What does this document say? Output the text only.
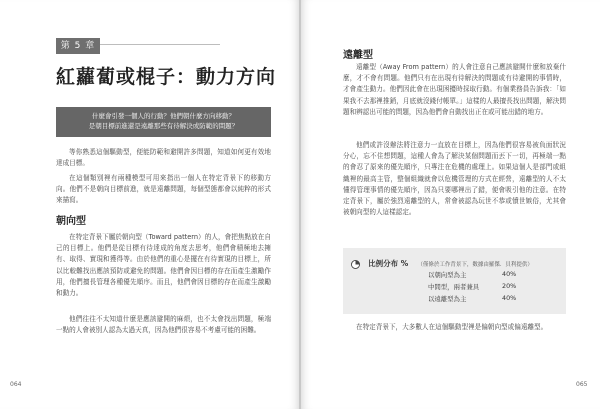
第 5 章
紅蘿蔔或棍子：動力方向
什麼會引發一個人的行動？他們朝什麼方向移動？
是朝目標前進還是遠離那些有待解決或防範的問題？

等你熟悉這個驅動型，便能防範和避開許多問題，知道如何更有效地達成目標。

在這個類別裡有兩種模型可用來指出一個人在特定背景下的移動方向。他們不是朝向目標前進，就是遠離問題，每個型態都會以純粹的形式來描寫。

朝向型

在特定背景下屬於朝向型（Toward pattern）的人，會把焦點放在自己的目標上。他們是從目標有待達成的角度去思考，他們會積極地去擁有、取得、實現和獲得等。由於他們的重心是擺在有待實現的目標上，所以比較難找出應該預防或避免的問題。他們會因目標的存在而產生激勵作用，他們擅長管理各種優先順序。而且，他們會因目標的存在而產生激勵和動力。

他們往往不太知道什麼是應該避開的麻煩，也不太會找出問題，極端一點的人會被別人認為太過天真，因為他們很容易不考慮可能的困難。

064	065
遠離型

遠離型（Away From pattern）的人會注意自己應該避開什麼和放棄什麼，才不會有問題。他們只有在出現有待解決的問題或有待避開的事情時，才會產生動力。他們因此會在出現困擾時採取行動。有個業務員告訴我：「如果我不去那裡推銷，月底就沒錢付帳單。」這樣的人最擅長找出問題，解決問題和辨認出可能的問題，因為他們會自動找出正在或可能出錯的地方。

他們或許沒辦法將注意力一直放在目標上，因為他們很容易被負面狀況分心，忘不住想問題，這種人會為了解決某個問題而丟下一切，再極端一點的會忍了原來的優先順序，只專注在危機的處理上。如果這個人是部門或組織裡的最高主管，整個組織就會以危機管理的方式在經營，遠離型的人不太懂得管理事情的優先順序，因為只要哪裡出了錯，便會吸引他的注意。在特定背景下，屬於強烈遠離型的人，常會被認為玩世不恭或憤世嫉俗，尤其會被朝向型的人這樣認定。

比例分布 % （僅條於工作背景下，數據由羅傑．貝利提供）
以朝向型為主	40%
中間型，兩者兼具	20%
以遠離型為主	40%

在特定背景下，大多數人在這個驅動型裡是偏朝向型或偏遠離型。
